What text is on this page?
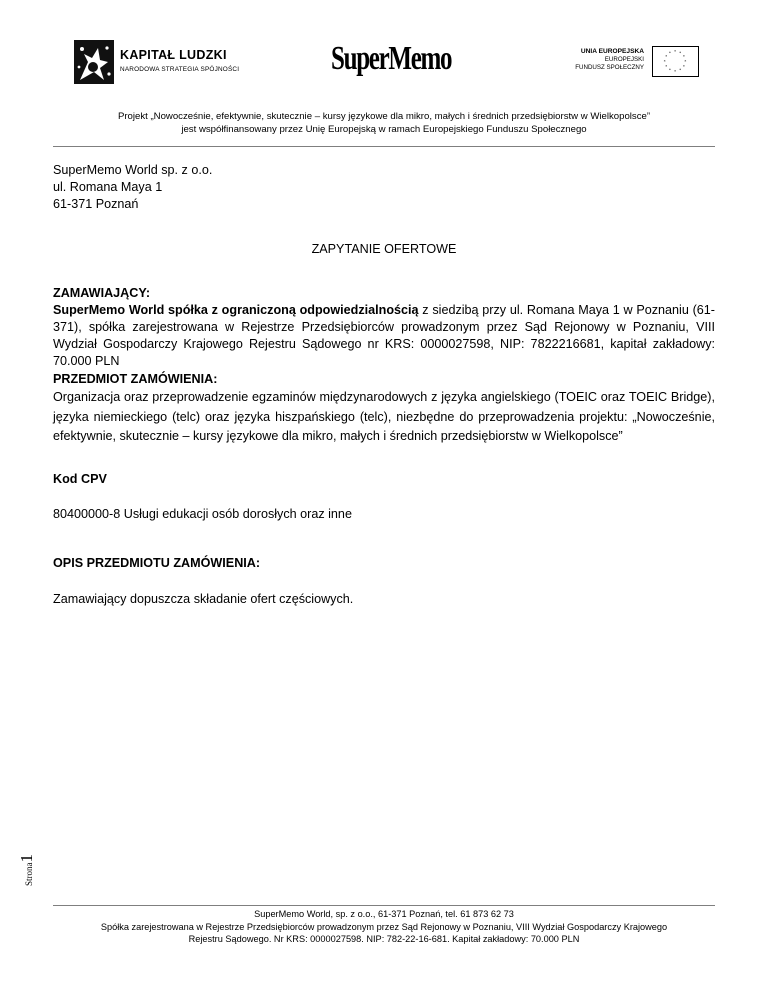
KAPITAŁ LUDZKI
NARODOWA STRATEGIA SPÓJNOŚCI	SuperMemo	UNIA EUROPEJSKA
EUROPEJSKI
FUNDUSZ SPOŁECZNY
* *
*
*
*
*
*
*
*
*
*
*
Projekt „Nowocześnie, efektywnie, skutecznie – kursy językowe dla mikro, małych i średnich przedsiębiorstw w Wielkopolsce”
jest współfinansowany przez Unię Europejską w ramach Europejskiego Funduszu Społecznego
SuperMemo World sp. z o.o.
ul. Romana Maya 1
61-371 Poznań
ZAPYTANIE OFERTOWE
ZAMAWIAJĄCY:
SuperMemo World spółka z ograniczoną odpowiedzialnością z siedzibą przy ul. Romana Maya 1 w Poznaniu (61-371), spółka zarejestrowana w Rejestrze Przedsiębiorców prowadzonym przez Sąd Rejonowy w Poznaniu, VIII Wydział Gospodarczy Krajowego Rejestru Sądowego nr KRS: 0000027598, NIP: 7822216681, kapitał zakładowy: 70.000 PLN
PRZEDMIOT ZAMÓWIENIA:
Organizacja oraz przeprowadzenie egzaminów międzynarodowych z języka angielskiego (TOEIC oraz TOEIC Bridge), języka niemieckiego (telc) oraz języka hiszpańskiego (telc), niezbędne do przeprowadzenia projektu: „Nowocześnie, efektywnie, skutecznie – kursy językowe dla mikro, małych i średnich przedsiębiorstw w Wielkopolsce”
Kod CPV
80400000-8 Usługi edukacji osób dorosłych oraz inne
OPIS PRZEDMIOTU ZAMÓWIENIA:
Zamawiający dopuszcza składanie ofert częściowych.
Strona1
SuperMemo World, sp. z o.o., 61-371 Poznań, tel. 61 873 62 73
Spółka zarejestrowana w Rejestrze Przedsiębiorców prowadzonym przez Sąd Rejonowy w Poznaniu, VIII Wydział Gospodarczy Krajowego
Rejestru Sądowego. Nr KRS: 0000027598. NIP: 782-22-16-681. Kapitał zakładowy: 70.000 PLN
